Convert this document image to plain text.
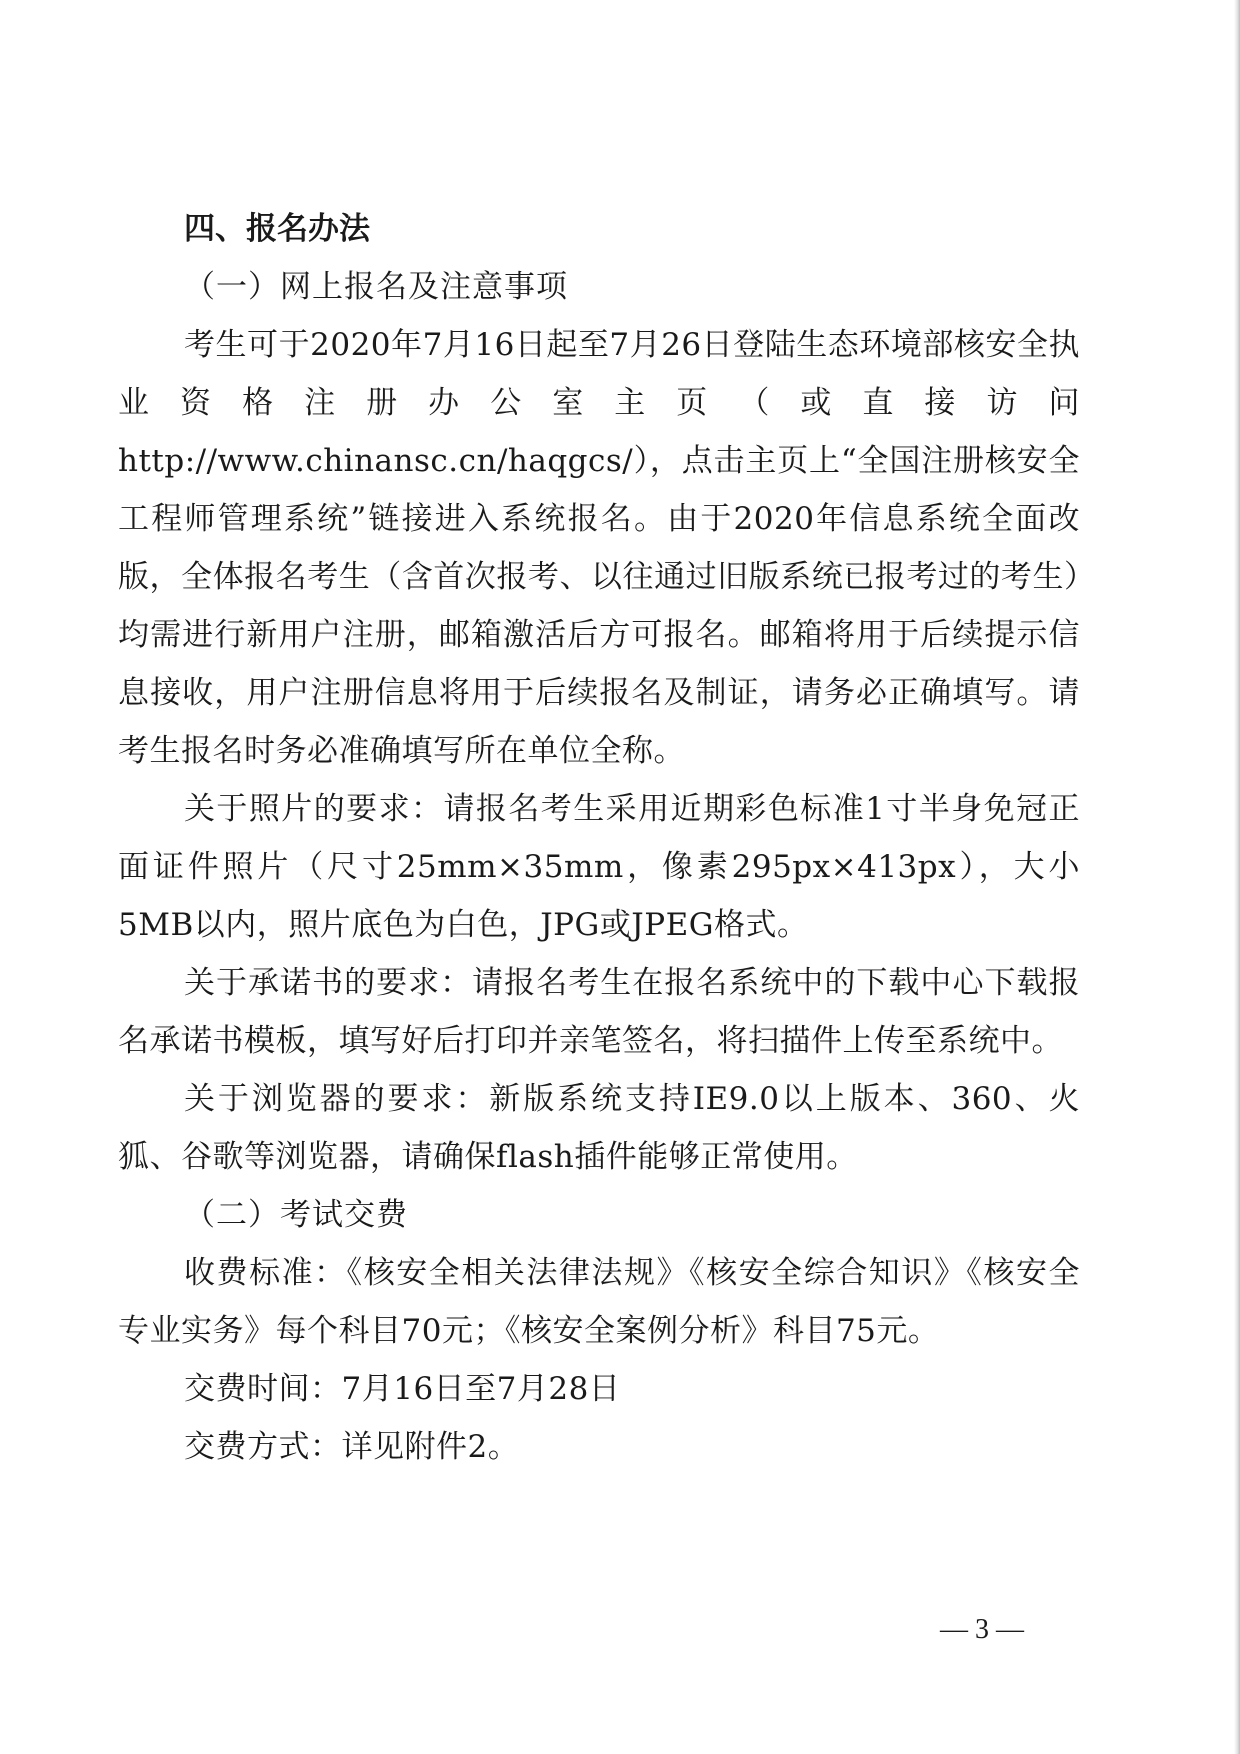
四、报名办法
（一）网上报名及注意事项

考生可于2020年7月16日起至7月26日登陆生态环境部核安全执业资格注册办公室主页（或直接访问http://www.chinansc.cn/haqgcs/），点击主页上“全国注册核安全工程师管理系统”链接进入系统报名。由于2020年信息系统全面改版，全体报名考生（含首次报考、以往通过旧版系统已报考过的考生）均需进行新用户注册，邮箱激活后方可报名。邮箱将用于后续提示信息接收，用户注册信息将用于后续报名及制证，请务必正确填写。请考生报名时务必准确填写所在单位全称。

关于照片的要求：请报名考生采用近期彩色标准1寸半身免冠正面证件照片（尺寸25mm×35mm，像素295px×413px），大小5MB以内，照片底色为白色，JPG或JPEG格式。

关于承诺书的要求：请报名考生在报名系统中的下载中心下载报名承诺书模板，填写好后打印并亲笔签名，将扫描件上传至系统中。

关于浏览器的要求：新版系统支持IE9.0以上版本、360、火狐、谷歌等浏览器，请确保flash插件能够正常使用。

（二）考试交费

收费标准：《核安全相关法律法规》《核安全综合知识》《核安全专业实务》每个科目70元；《核安全案例分析》科目75元。

交费时间：7月16日至7月28日

交费方式：详见附件2。

— 3 —
